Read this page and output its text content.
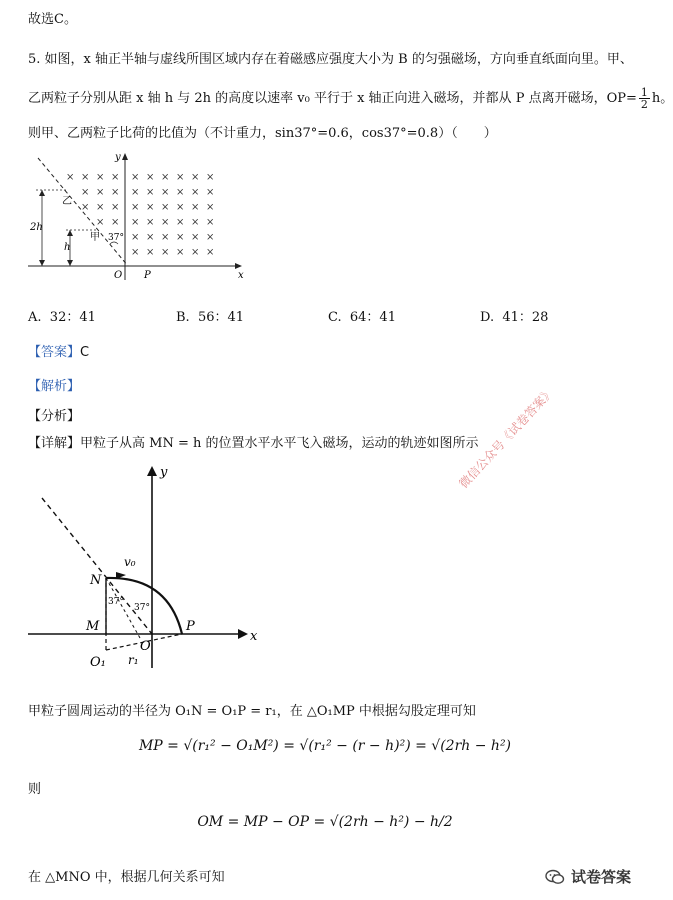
故选C。
5. 如图，x 轴正半轴与虚线所围区域内存在着磁感应强度大小为 B 的匀强磁场，方向垂直纸面向里。甲、
乙两粒子分别从距 x 轴 h 与 2h 的高度以速率 v₀ 平行于 x 轴正向进入磁场，并都从 P 点离开磁场，$OP= \frac{1}{2}$ h。
则甲、乙两粒子比荷的比值为（不计重力，sin37°=0.6，cos37°=0.8）（　　）
y
x
O P
2h
h
乙
甲 37°
× × × × × × × × × ×
× × × × × × × × ×
× × × × × × × × ×
× × × × × × × ×
× × × × × ×
× × × × × ×
A. 32：41	B. 56：41	C. 64：41	D. 41：28
【答案】C
【解析】
【分析】
【详解】甲粒子从高 MN = h 的位置水平水平飞入磁场，运动的轨迹如图所示
x
y
v₀
N
M
O
O₁
P
r₁
37°
37°
微信公众号《试卷答案》
甲粒子圆周运动的半径为 O₁N = O₁P = r₁，在 △O₁MP 中根据勾股定理可知
MP = √(r₁² − O₁M²) = √(r₁² − (r − h)²) = √(2rh − h²)
则
OM = MP − OP = √(2rh − h²) − h/2
在 △MNO 中，根据几何关系可知	试卷答案
